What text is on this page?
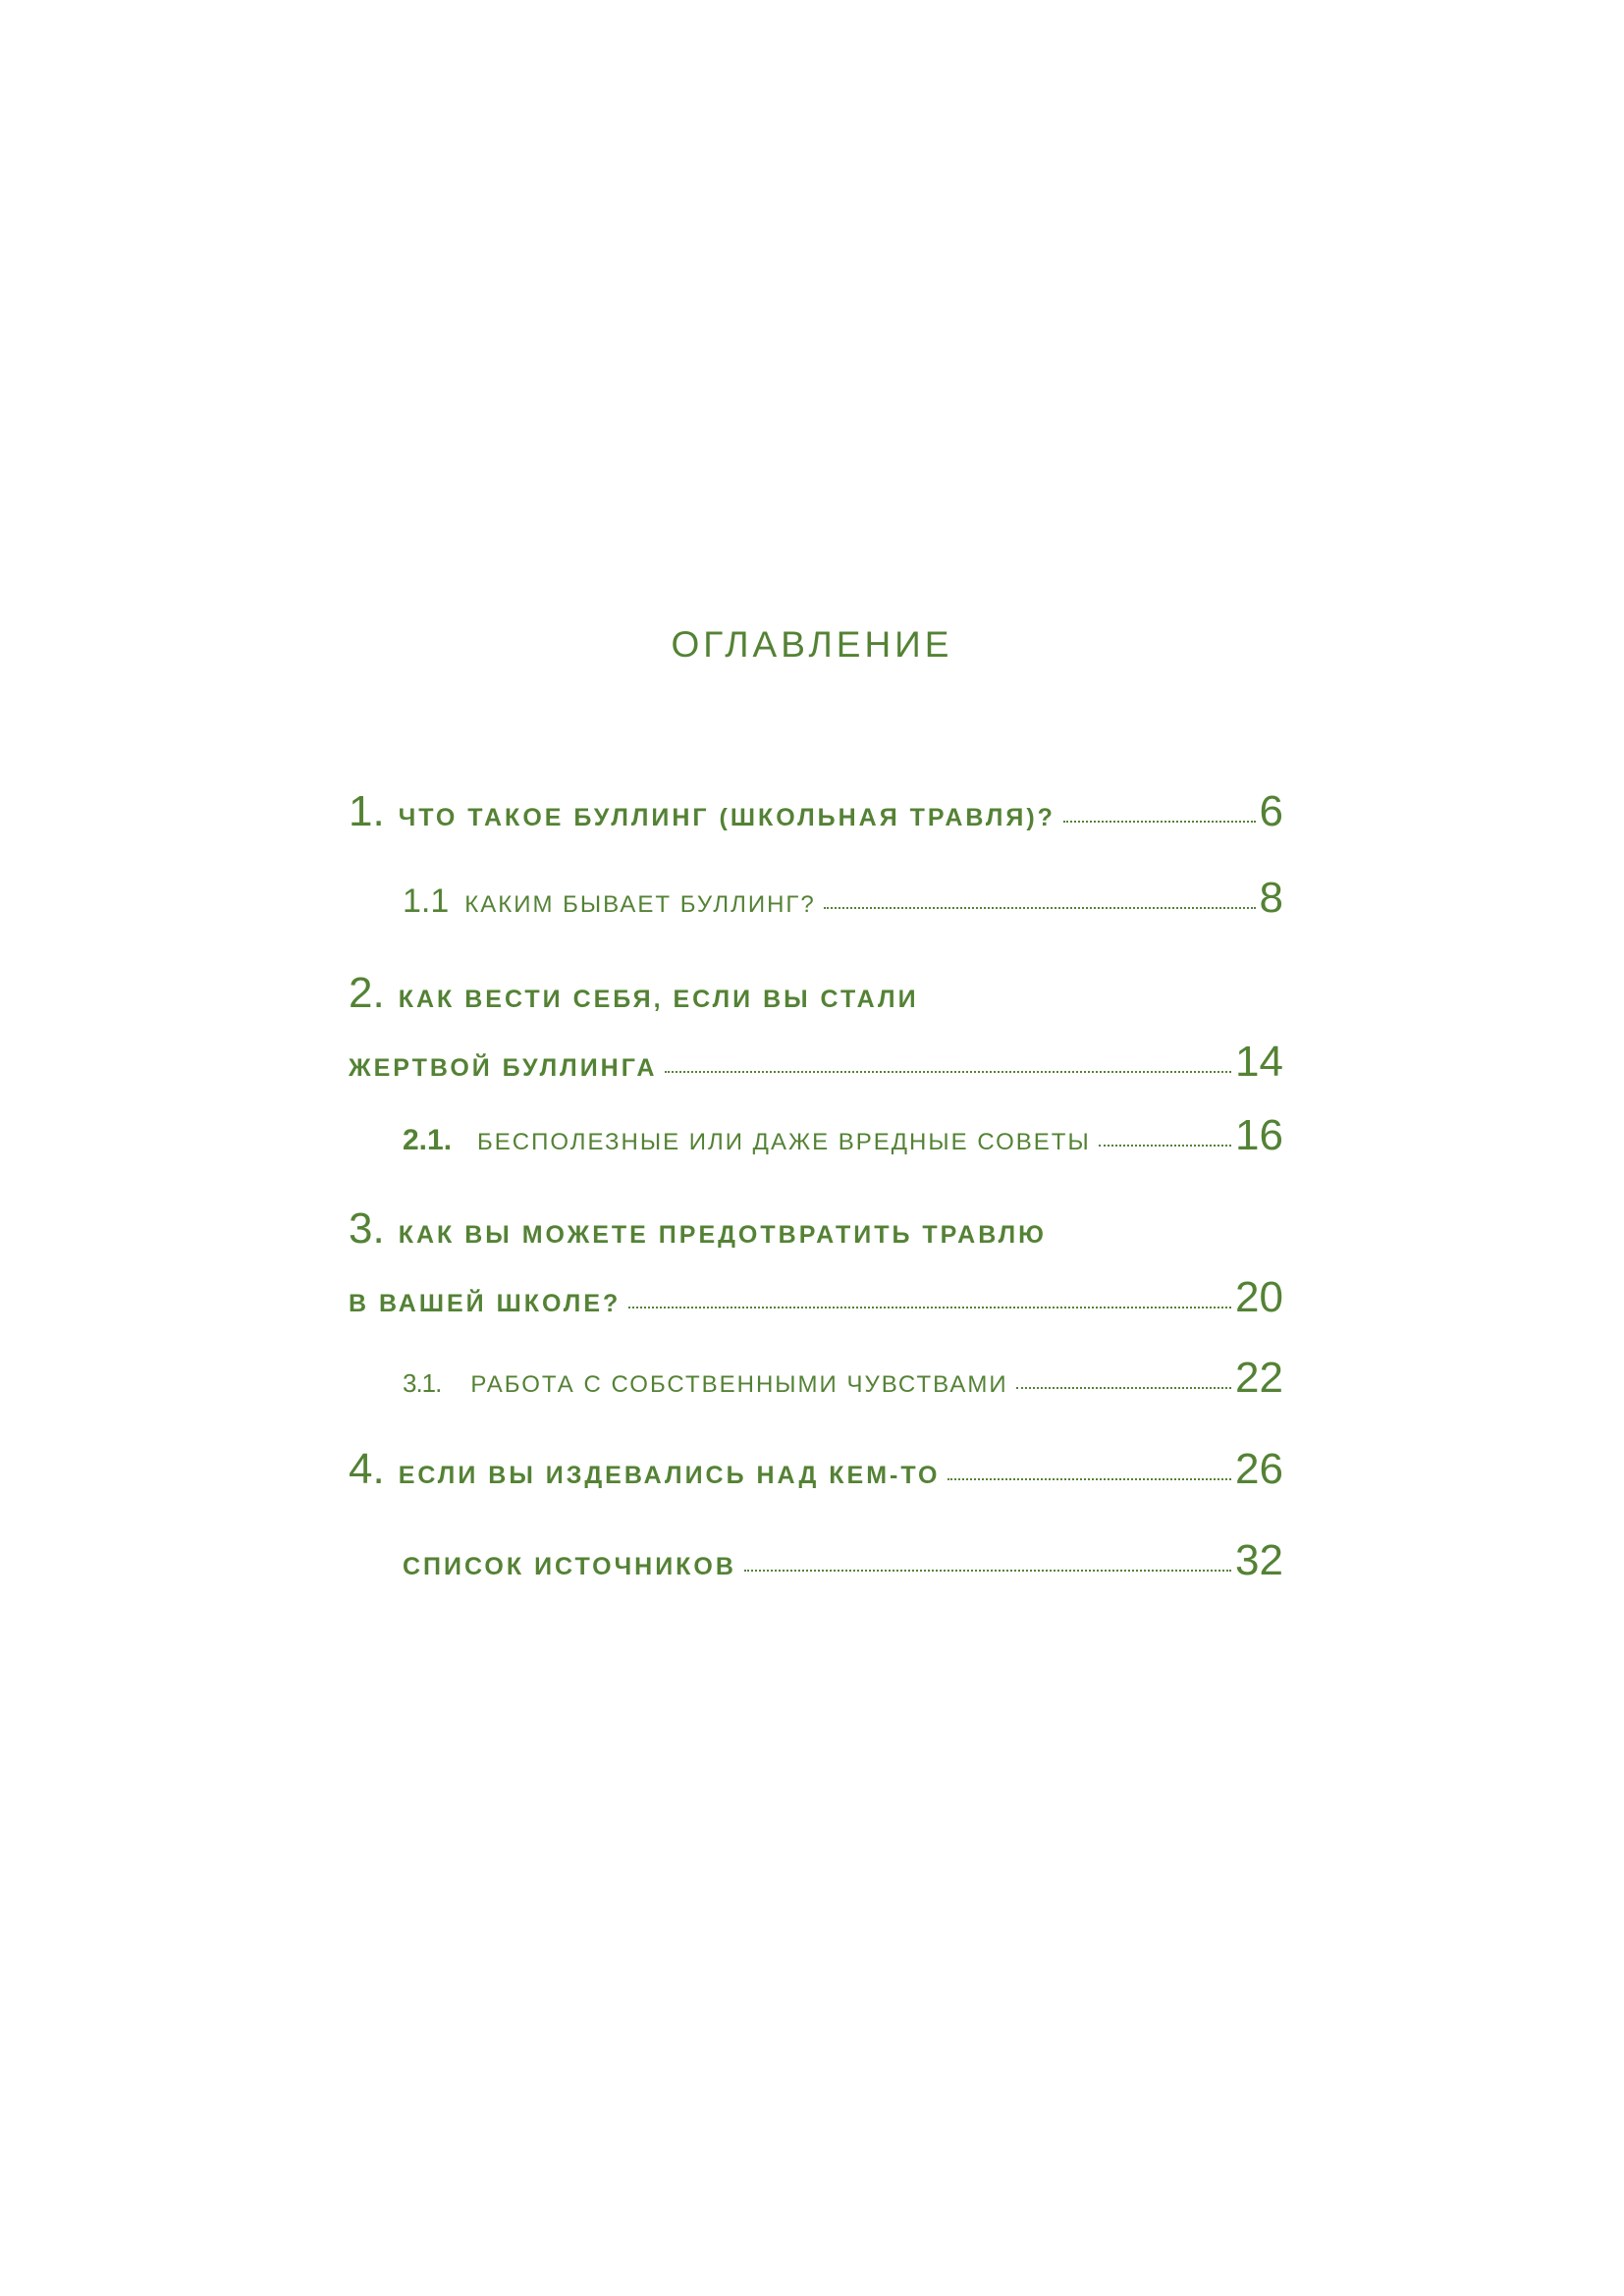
ОГЛАВЛЕНИЕ
1. ЧТО ТАКОЕ БУЛЛИНГ (ШКОЛЬНАЯ ТРАВЛЯ)?	6
1.1 КАКИМ БЫВАЕТ БУЛЛИНГ?	8
2. КАК ВЕСТИ СЕБЯ, ЕСЛИ ВЫ СТАЛИ
ЖЕРТВОЙ БУЛЛИНГА	14
2.1. БЕСПОЛЕЗНЫЕ ИЛИ ДАЖЕ ВРЕДНЫЕ СОВЕТЫ	16
3. КАК ВЫ МОЖЕТЕ ПРЕДОТВРАТИТЬ ТРАВЛЮ
В ВАШЕЙ ШКОЛЕ?	20
3.1. РАБОТА С СОБСТВЕННЫМИ ЧУВСТВАМИ	22
4. ЕСЛИ ВЫ ИЗДЕВАЛИСЬ НАД КЕМ-ТО	26
СПИСОК ИСТОЧНИКОВ	32
